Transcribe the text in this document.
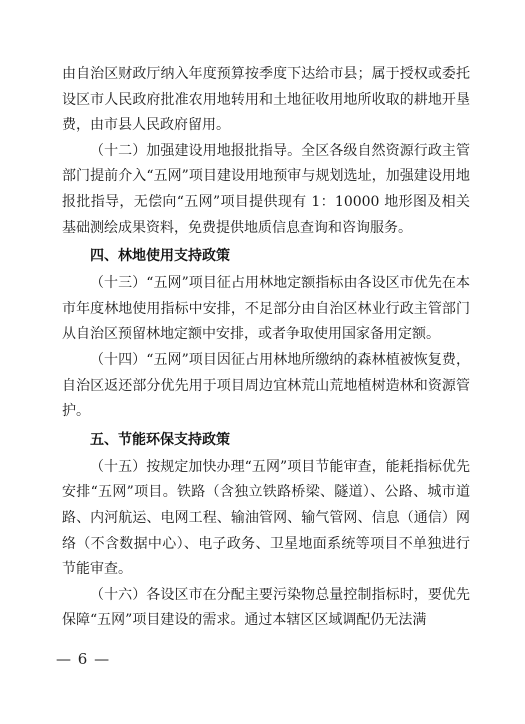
由自治区财政厅纳入年度预算按季度下达给市县；属于授权或委托设区市人民政府批准农用地转用和土地征收用地所收取的耕地开垦费，由市县人民政府留用。

（十二）加强建设用地报批指导。全区各级自然资源行政主管部门提前介入“五网”项目建设用地预审与规划选址，加强建设用地报批指导，无偿向“五网”项目提供现有 1：10000 地形图及相关基础测绘成果资料，免费提供地质信息查询和咨询服务。

四、林地使用支持政策

（十三）“五网”项目征占用林地定额指标由各设区市优先在本市年度林地使用指标中安排，不足部分由自治区林业行政主管部门从自治区预留林地定额中安排，或者争取使用国家备用定额。

（十四）“五网”项目因征占用林地所缴纳的森林植被恢复费，自治区返还部分优先用于项目周边宜林荒山荒地植树造林和资源管护。

五、节能环保支持政策

（十五）按规定加快办理“五网”项目节能审查，能耗指标优先安排“五网”项目。铁路（含独立铁路桥梁、隧道）、公路、城市道路、内河航运、电网工程、输油管网、输气管网、信息（通信）网络（不含数据中心）、电子政务、卫星地面系统等项目不单独进行节能审查。

（十六）各设区市在分配主要污染物总量控制指标时，要优先保障“五网”项目建设的需求。通过本辖区区域调配仍无法满

— 6 —
